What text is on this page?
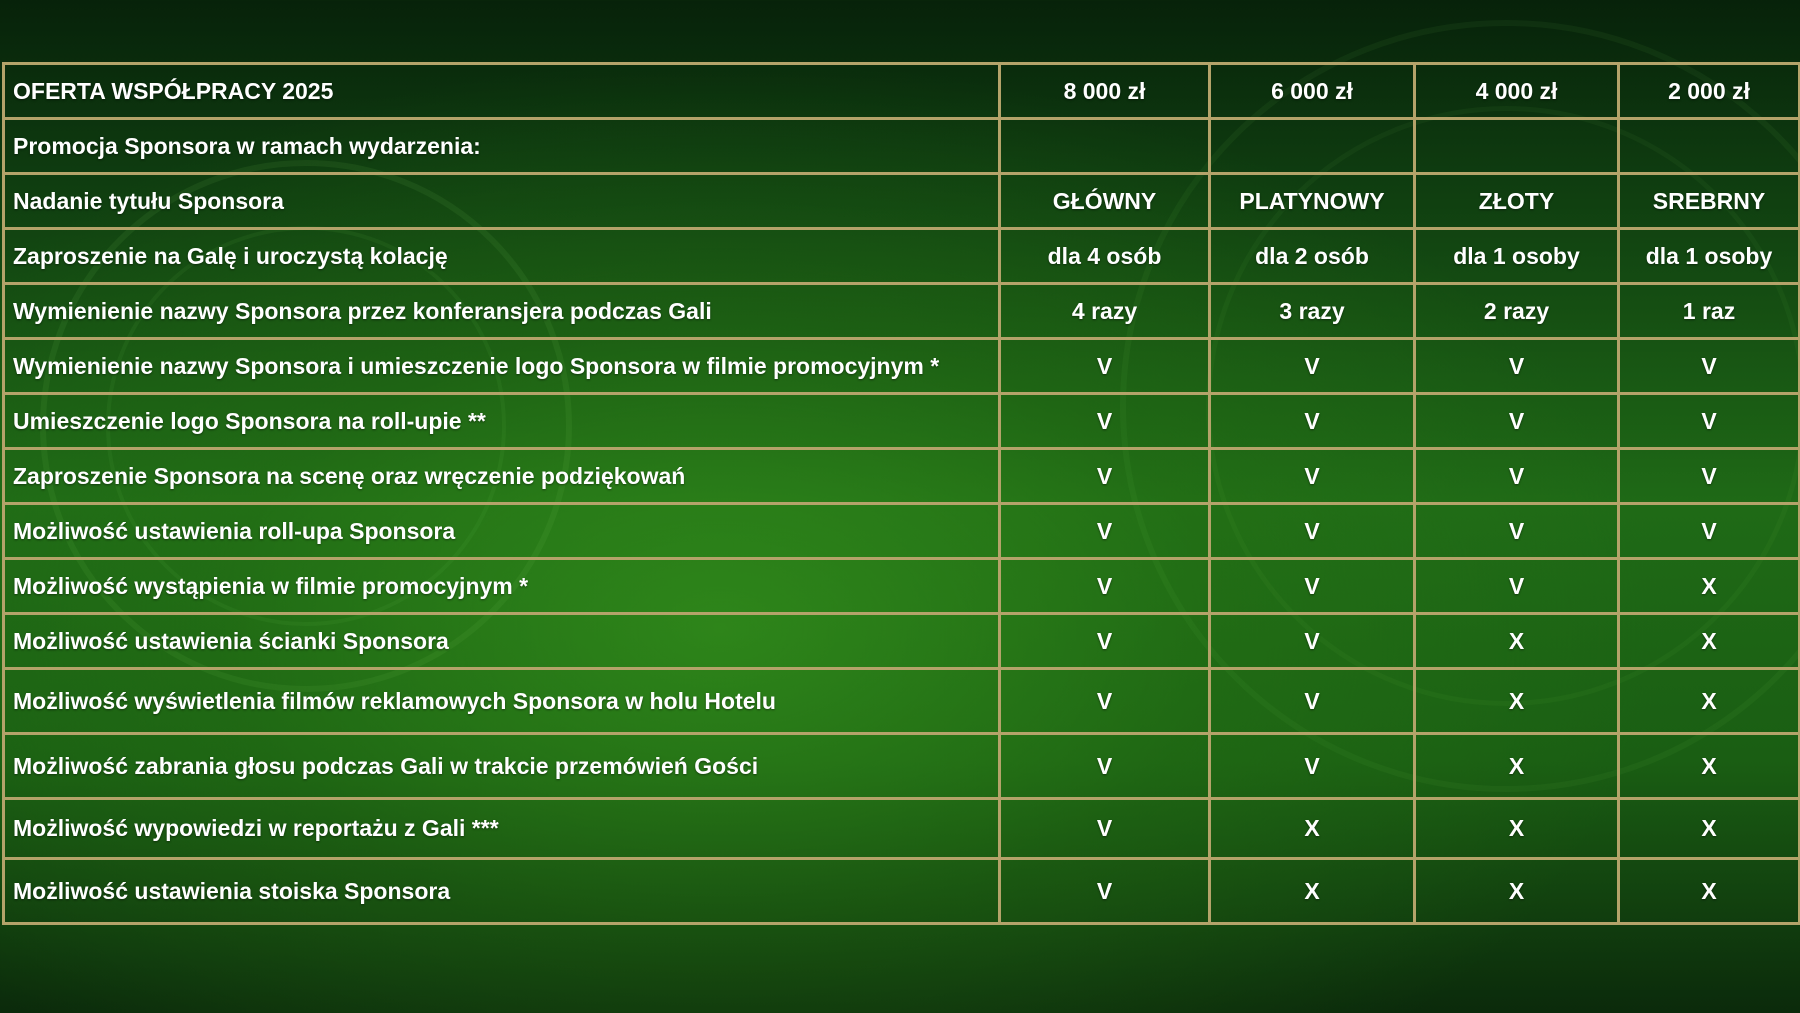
OFERTA WSPÓŁPRACY 2025	8 000 zł	6 000 zł	4 000 zł	2 000 zł
Promocja Sponsora w ramach wydarzenia:				
Nadanie tytułu Sponsora	GŁÓWNY	PLATYNOWY	ZŁOTY	SREBRNY
Zaproszenie na Galę i uroczystą kolację	dla 4 osób	dla 2 osób	dla 1 osoby	dla 1 osoby
Wymienienie nazwy Sponsora przez konferansjera podczas Gali	4 razy	3 razy	2 razy	1 raz
Wymienienie nazwy Sponsora i umieszczenie logo Sponsora w filmie promocyjnym *	V	V	V	V
Umieszczenie logo Sponsora na roll-upie **	V	V	V	V
Zaproszenie Sponsora na scenę oraz wręczenie podziękowań	V	V	V	V
Możliwość ustawienia roll-upa Sponsora	V	V	V	V
Możliwość wystąpienia w filmie promocyjnym *	V	V	V	X
Możliwość ustawienia ścianki Sponsora	V	V	X	X
Możliwość wyświetlenia filmów reklamowych Sponsora w holu Hotelu	V	V	X	X
Możliwość zabrania głosu podczas Gali w trakcie przemówień Gości	V	V	X	X
Możliwość wypowiedzi w reportażu z Gali ***	V	X	X	X
Możliwość ustawienia stoiska Sponsora	V	X	X	X
